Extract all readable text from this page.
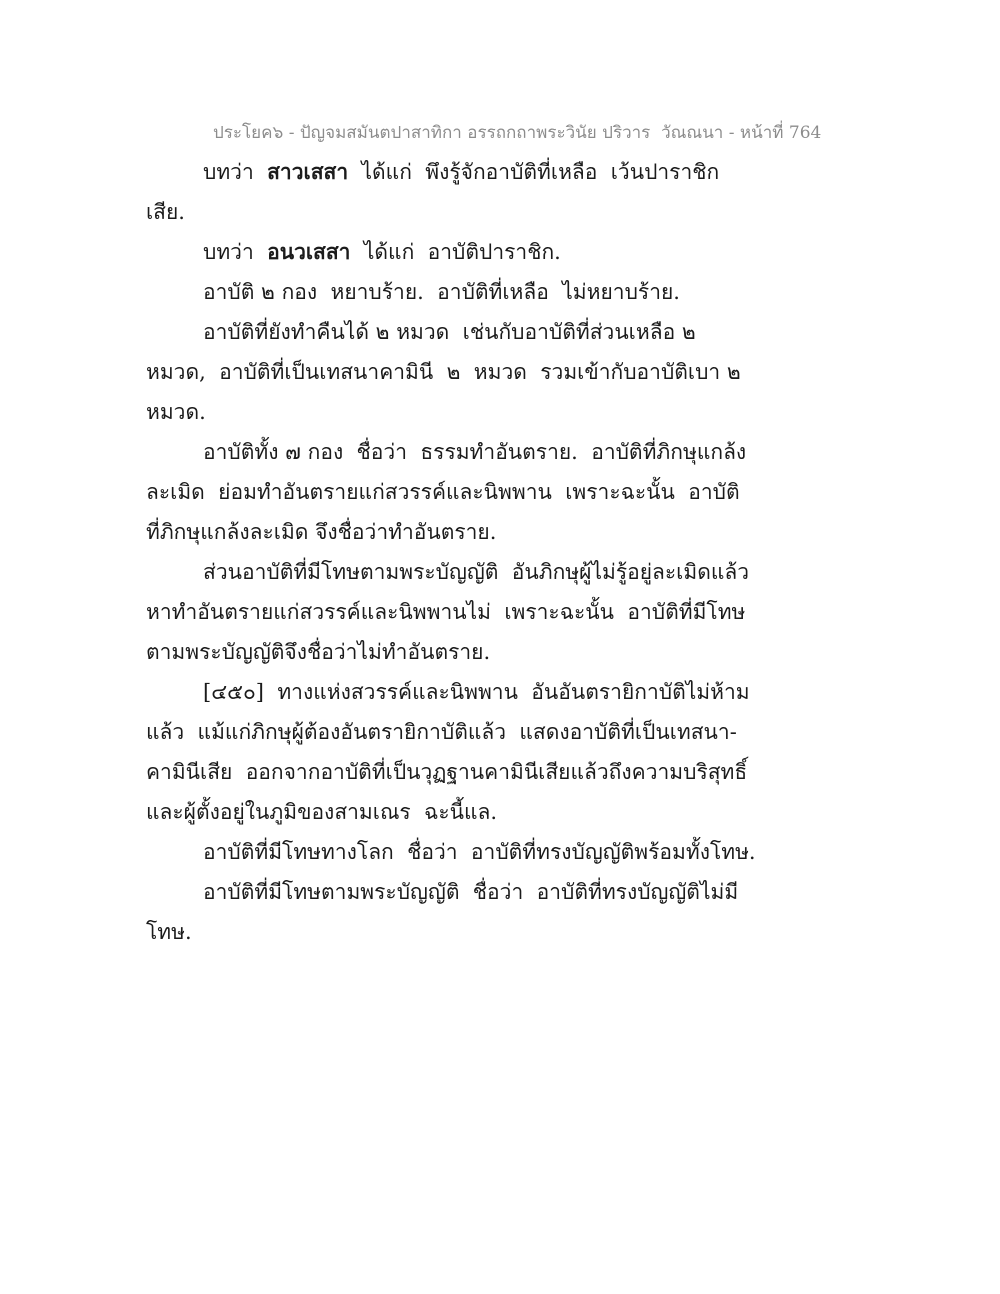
ประโยค๖ - ปัญจมสมันตปาสาทิกา อรรถกถาพระวินัย ปริวาร  วัณณนา - หน้าที่ 764
บทว่า  สาวเสสา  ได้แก่  พึงรู้จักอาบัติที่เหลือ  เว้นปาราชิก
เสีย.
บทว่า  อนวเสสา  ได้แก่  อาบัติปาราชิก.
อาบัติ ๒ กอง  หยาบร้าย.  อาบัติที่เหลือ  ไม่หยาบร้าย.
อาบัติที่ยังทำคืนได้ ๒ หมวด  เช่นกับอาบัติที่ส่วนเหลือ ๒
หมวด,  อาบัติที่เป็นเทสนาคามินี  ๒  หมวด  รวมเข้ากับอาบัติเบา ๒
หมวด.
อาบัติทั้ง ๗ กอง  ชื่อว่า  ธรรมทำอันตราย.  อาบัติที่ภิกษุแกล้ง
ละเมิด  ย่อมทำอันตรายแก่สวรรค์และนิพพาน  เพราะฉะนั้น  อาบัติ
ที่ภิกษุแกล้งละเมิด จึงชื่อว่าทำอันตราย.
ส่วนอาบัติที่มีโทษตามพระบัญญัติ  อันภิกษุผู้ไม่รู้อยู่ละเมิดแล้ว
หาทำอันตรายแก่สวรรค์และนิพพานไม่  เพราะฉะนั้น  อาบัติที่มีโทษ
ตามพระบัญญัติจึงชื่อว่าไม่ทำอันตราย.
[๔๕๐]  ทางแห่งสวรรค์และนิพพาน  อันอันตรายิกาบัติไม่ห้าม
แล้ว  แม้แก่ภิกษุผู้ต้องอันตรายิกาบัติแล้ว  แสดงอาบัติที่เป็นเทสนา-
คามินีเสีย  ออกจากอาบัติที่เป็นวุฏฐานคามินีเสียแล้วถึงความบริสุทธิ์
และผู้ตั้งอยู่ในภูมิของสามเณร  ฉะนี้แล.
อาบัติที่มีโทษทางโลก  ชื่อว่า  อาบัติที่ทรงบัญญัติพร้อมทั้งโทษ.
อาบัติที่มีโทษตามพระบัญญัติ  ชื่อว่า  อาบัติที่ทรงบัญญัติไม่มี
โทษ.
